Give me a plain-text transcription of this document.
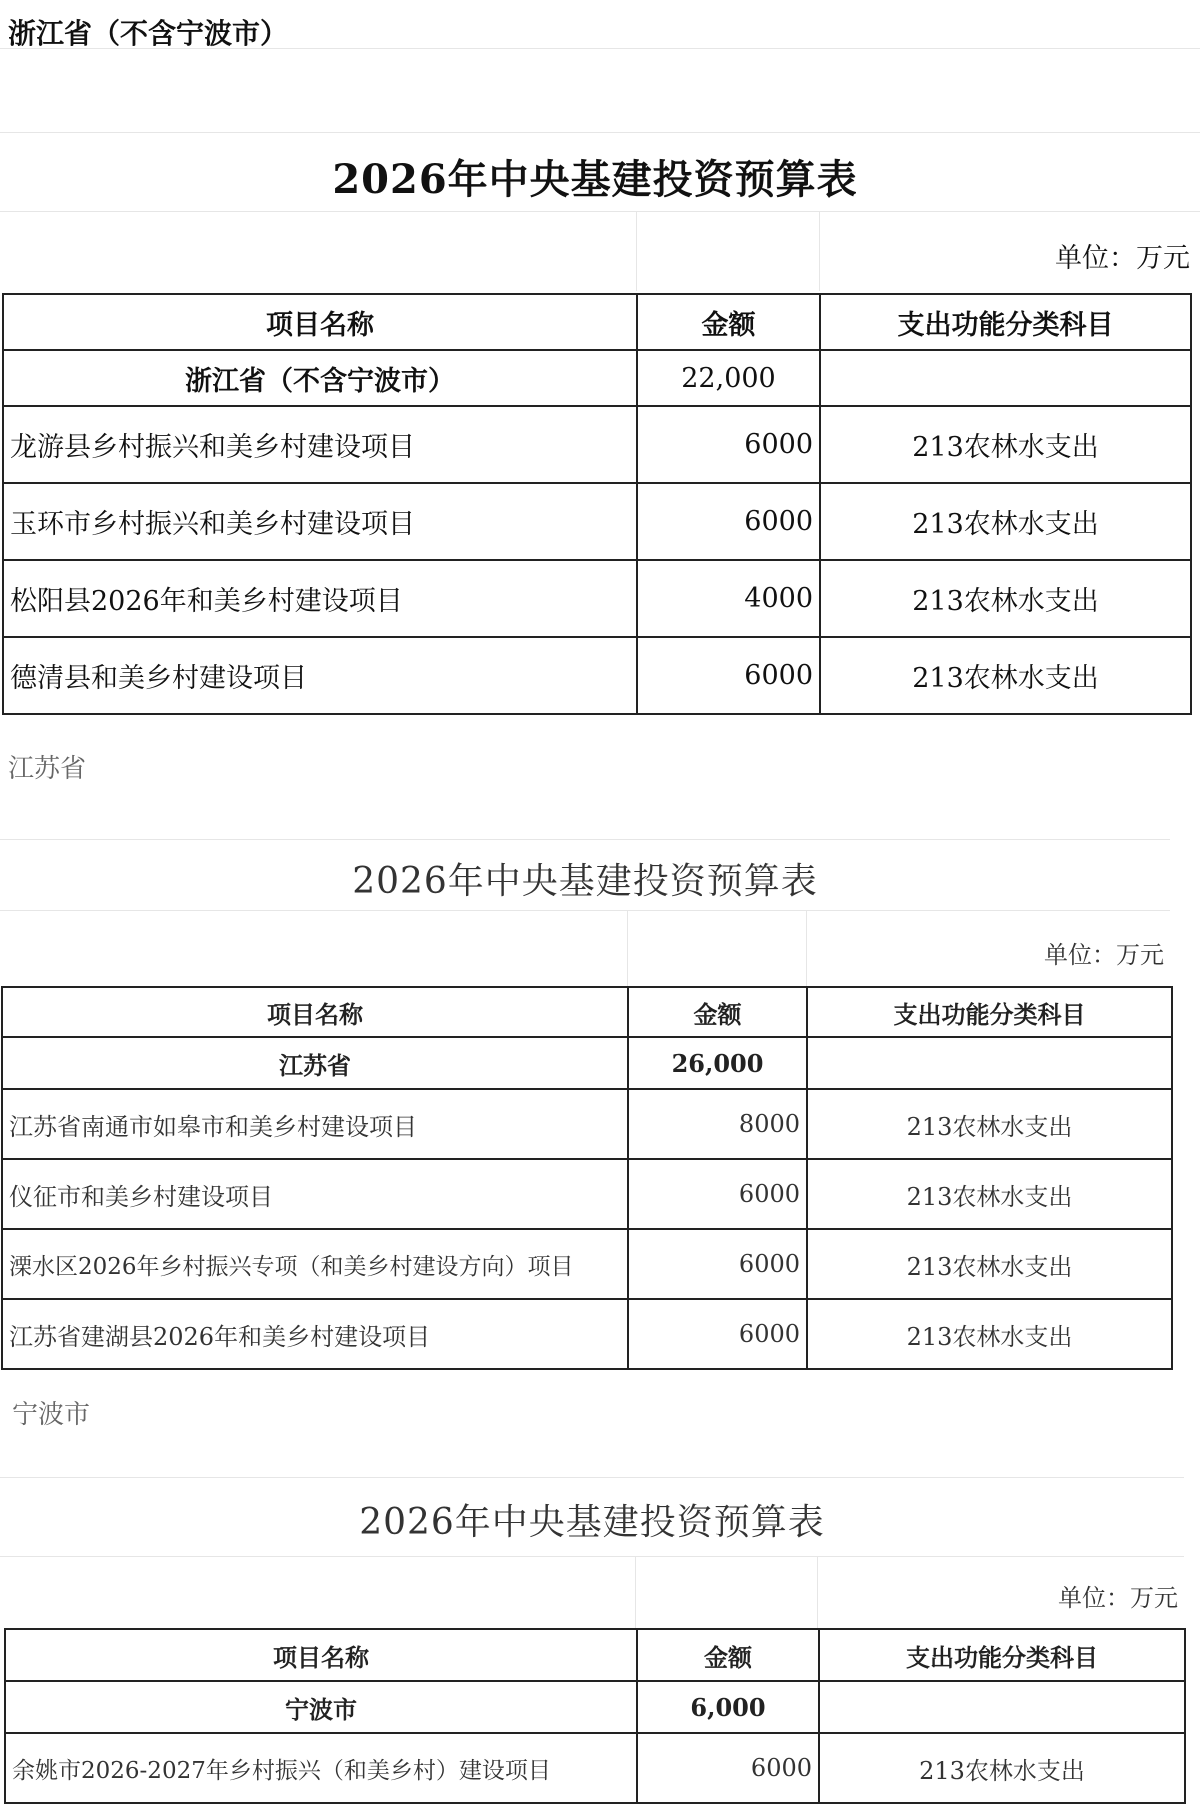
浙江省（不含宁波市）
2026年中央基建投资预算表
单位：万元
项目名称	金额	支出功能分类科目
浙江省（不含宁波市）	22,000	
龙游县乡村振兴和美乡村建设项目	6000	213农林水支出
玉环市乡村振兴和美乡村建设项目	6000	213农林水支出
松阳县2026年和美乡村建设项目	4000	213农林水支出
德清县和美乡村建设项目	6000	213农林水支出
江苏省
2026年中央基建投资预算表
单位：万元
项目名称	金额	支出功能分类科目
江苏省	26,000	
江苏省南通市如皋市和美乡村建设项目	8000	213农林水支出
仪征市和美乡村建设项目	6000	213农林水支出
溧水区2026年乡村振兴专项（和美乡村建设方向）项目	6000	213农林水支出
江苏省建湖县2026年和美乡村建设项目	6000	213农林水支出
宁波市
2026年中央基建投资预算表
单位：万元
项目名称	金额	支出功能分类科目
宁波市	6,000	
余姚市2026-2027年乡村振兴（和美乡村）建设项目	6000	213农林水支出
